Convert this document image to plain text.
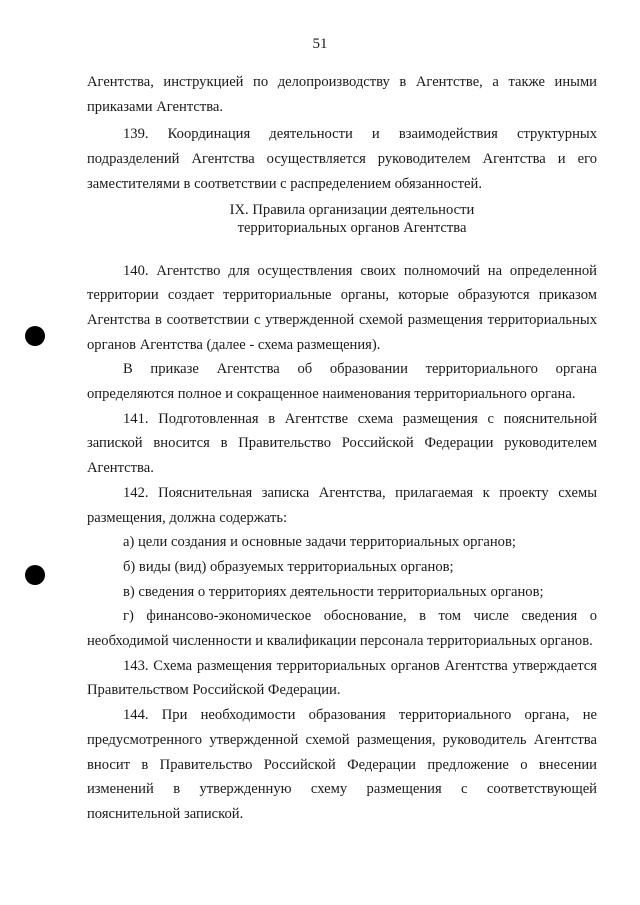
51

Агентства, инструкцией по делопроизводству в Агентстве, а также иными приказами Агентства.

139. Координация деятельности и взаимодействия структурных подразделений Агентства осуществляется руководителем Агентства и его заместителями в соответствии с распределением обязанностей.

IX. Правила организации деятельности
территориальных органов Агентства

140. Агентство для осуществления своих полномочий на определенной территории создает территориальные органы, которые образуются приказом Агентства в соответствии с утвержденной схемой размещения территориальных органов Агентства (далее - схема размещения).

В приказе Агентства об образовании территориального органа определяются полное и сокращенное наименования территориального органа.

141. Подготовленная в Агентстве схема размещения с пояснительной запиской вносится в Правительство Российской Федерации руководителем Агентства.

142. Пояснительная записка Агентства, прилагаемая к проекту схемы размещения, должна содержать:

а) цели создания и основные задачи территориальных органов;

б) виды (вид) образуемых территориальных органов;

в) сведения о территориях деятельности территориальных органов;

г) финансово-экономическое обоснование, в том числе сведения о необходимой численности и квалификации персонала территориальных органов.

143. Схема размещения территориальных органов Агентства утверждается Правительством Российской Федерации.

144. При необходимости образования территориального органа, не предусмотренного утвержденной схемой размещения, руководитель Агентства вносит в Правительство Российской Федерации предложение о внесении изменений в утвержденную схему размещения с соответствующей пояснительной запиской.
